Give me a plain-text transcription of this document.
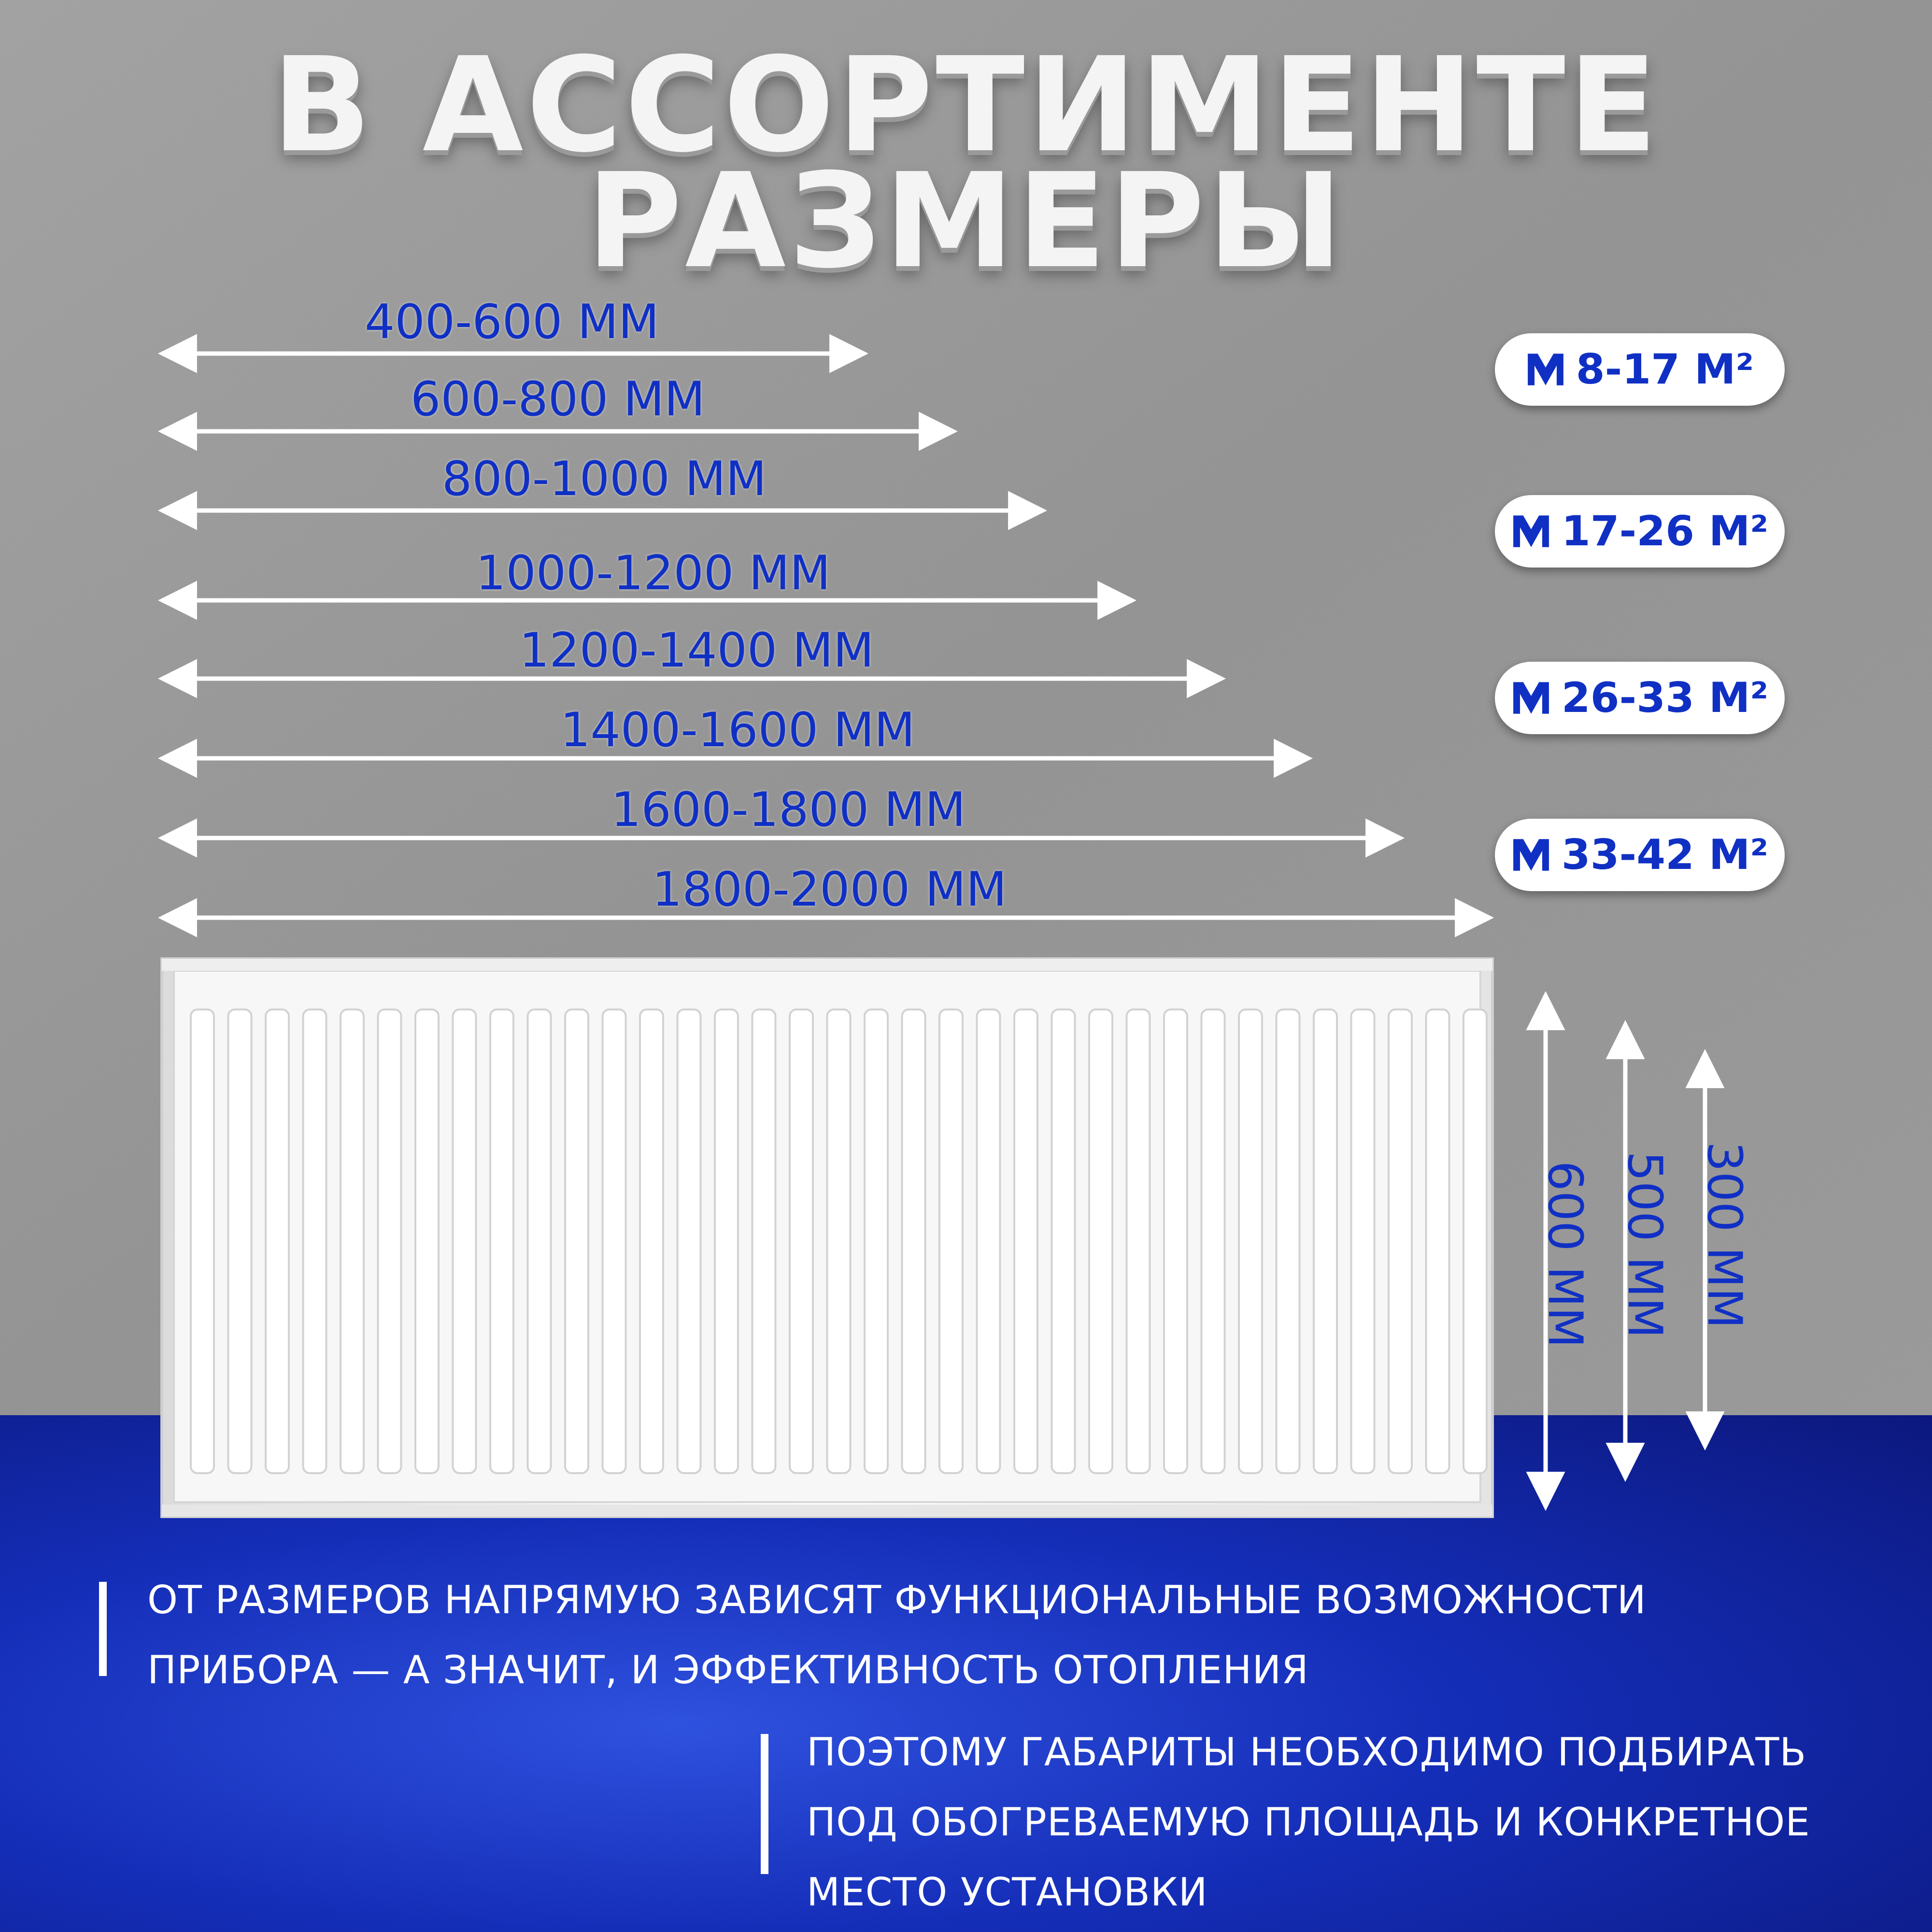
В АССОРТИМЕНТЕ
РАЗМЕРЫ
400-600 ММ
600-800 ММ
800-1000 ММ
1000-1200 ММ
1200-1400 ММ
1400-1600 ММ
1600-1800 ММ
1800-2000 ММ
8-17 М²
17-26 М²
26-33 М²
33-42 М²
600 ММ 500 ММ 300 ММ
ОТ РАЗМЕРОВ НАПРЯМУЮ ЗАВИСЯТ ФУНКЦИОНАЛЬНЫЕ ВОЗМОЖНОСТИ
ПРИБОРА — А ЗНАЧИТ, И ЭФФЕКТИВНОСТЬ ОТОПЛЕНИЯ
ПОЭТОМУ ГАБАРИТЫ НЕОБХОДИМО ПОДБИРАТЬ
ПОД ОБОГРЕВАЕМУЮ ПЛОЩАДЬ И КОНКРЕТНОЕ
МЕСТО УСТАНОВКИ
